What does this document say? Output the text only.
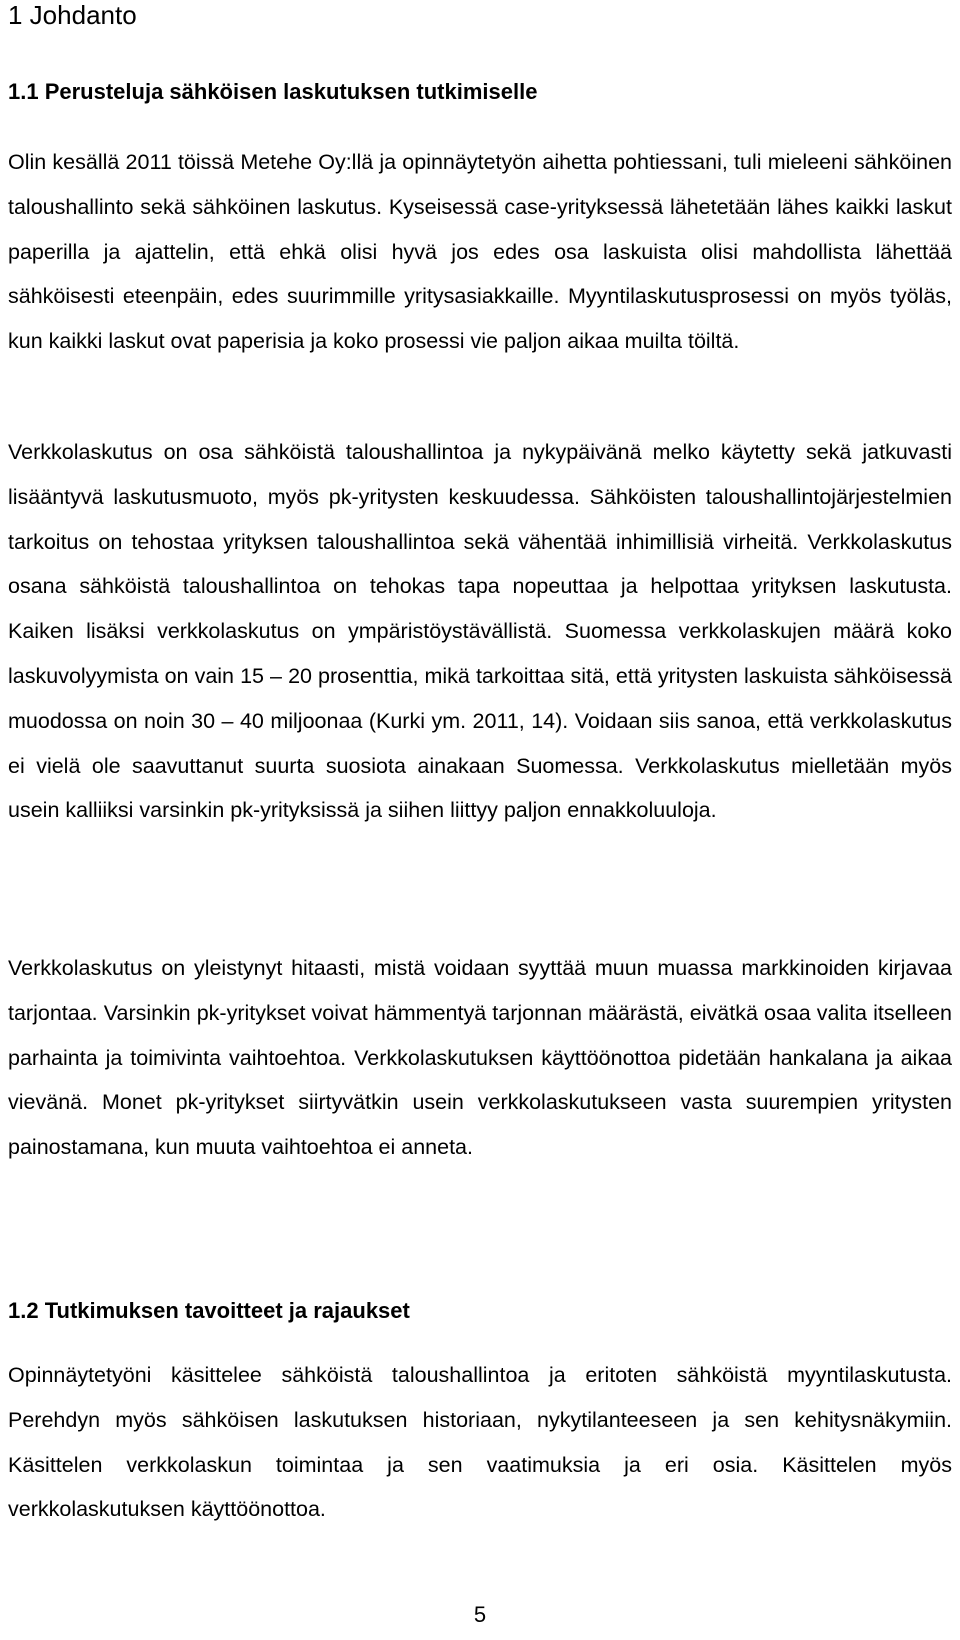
1 Johdanto
1.1 Perusteluja sähköisen laskutuksen tutkimiselle

Olin kesällä 2011 töissä Metehe Oy:llä ja opinnäytetyön aihetta pohtiessani, tuli mieleeni sähköinen taloushallinto sekä sähköinen laskutus. Kyseisessä case-yrityksessä lähetetään lähes kaikki laskut paperilla ja ajattelin, että ehkä olisi hyvä jos edes osa laskuista olisi mahdollista lähettää sähköisesti eteenpäin, edes suurimmille yritysasiakkaille. Myyntilaskutusprosessi on myös työläs, kun kaikki laskut ovat paperisia ja koko prosessi vie paljon aikaa muilta töiltä.

Verkkolaskutus on osa sähköistä taloushallintoa ja nykypäivänä melko käytetty sekä jatkuvasti lisääntyvä laskutusmuoto, myös pk-yritysten keskuudessa. Sähköisten taloushallintojärjestelmien tarkoitus on tehostaa yrityksen taloushallintoa sekä vähentää inhimillisiä virheitä. Verkkolaskutus osana sähköistä taloushallintoa on tehokas tapa nopeuttaa ja helpottaa yrityksen laskutusta. Kaiken lisäksi verkkolaskutus on ympäristöystävällistä. Suomessa verkkolaskujen määrä koko laskuvolyymista on vain 15 – 20 prosenttia, mikä tarkoittaa sitä, että yritysten laskuista sähköisessä muodossa on noin 30 – 40 miljoonaa (Kurki ym. 2011, 14). Voidaan siis sanoa, että verkkolaskutus ei vielä ole saavuttanut suurta suosiota ainakaan Suomessa. Verkkolaskutus mielletään myös usein kalliiksi varsinkin pk-yrityksissä ja siihen liittyy paljon ennakkoluuloja.

Verkkolaskutus on yleistynyt hitaasti, mistä voidaan syyttää muun muassa markkinoiden kirjavaa tarjontaa. Varsinkin pk-yritykset voivat hämmentyä tarjonnan määrästä, eivätkä osaa valita itselleen parhainta ja toimivinta vaihtoehtoa. Verkkolaskutuksen käyttöönottoa pidetään hankalana ja aikaa vievänä. Monet pk-yritykset siirtyvätkin usein verkkolaskutukseen vasta suurempien yritysten painostamana, kun muuta vaihtoehtoa ei anneta.

1.2 Tutkimuksen tavoitteet ja rajaukset

Opinnäytetyöni käsittelee sähköistä taloushallintoa ja eritoten sähköistä myyntilaskutusta. Perehdyn myös sähköisen laskutuksen historiaan, nykytilanteeseen ja sen kehitysnäkymiin. Käsittelen verkkolaskun toimintaa ja sen vaatimuksia ja eri osia. Käsittelen myös verkkolaskutuksen käyttöönottoa.

5
